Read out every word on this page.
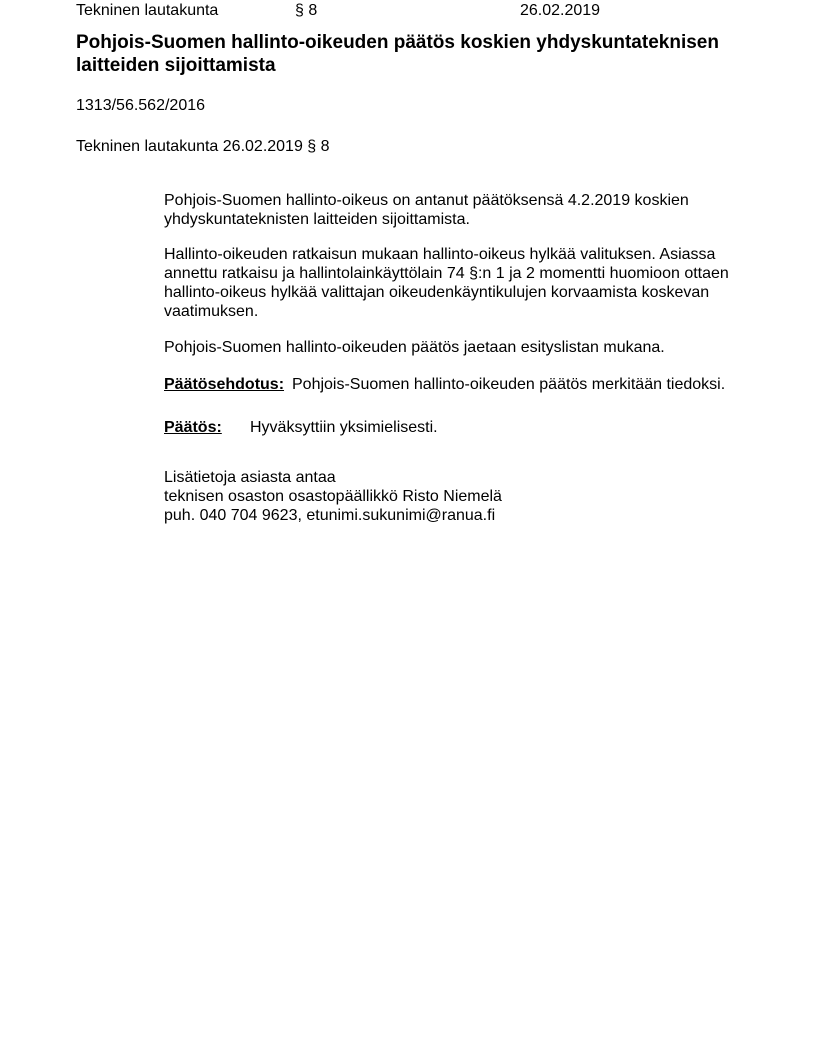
Tekninen lautakunta	§ 8	26.02.2019
Pohjois-Suomen hallinto-oikeuden päätös koskien yhdyskuntateknisen laitteiden sijoittamista
1313/56.562/2016
Tekninen lautakunta 26.02.2019 § 8
Pohjois-Suomen hallinto-oikeus on antanut päätöksensä 4.2.2019 koskien yhdyskuntateknisten laitteiden sijoittamista.
Hallinto-oikeuden ratkaisun mukaan hallinto-oikeus hylkää valituksen. Asiassa annettu ratkaisu ja hallintolainkäyttölain 74 §:n 1 ja 2 momentti huomioon ottaen hallinto-oikeus hylkää valittajan oikeudenkäyntikulujen korvaamista koskevan vaatimuksen.
Pohjois-Suomen hallinto-oikeuden päätös jaetaan esityslistan mukana.
Päätösehdotus: Pohjois-Suomen hallinto-oikeuden päätös merkitään tiedoksi.
Päätös: Hyväksyttiin yksimielisesti.
Lisätietoja asiasta antaa
teknisen osaston osastopäällikkö Risto Niemelä
puh. 040 704 9623, etunimi.sukunimi@ranua.fi
